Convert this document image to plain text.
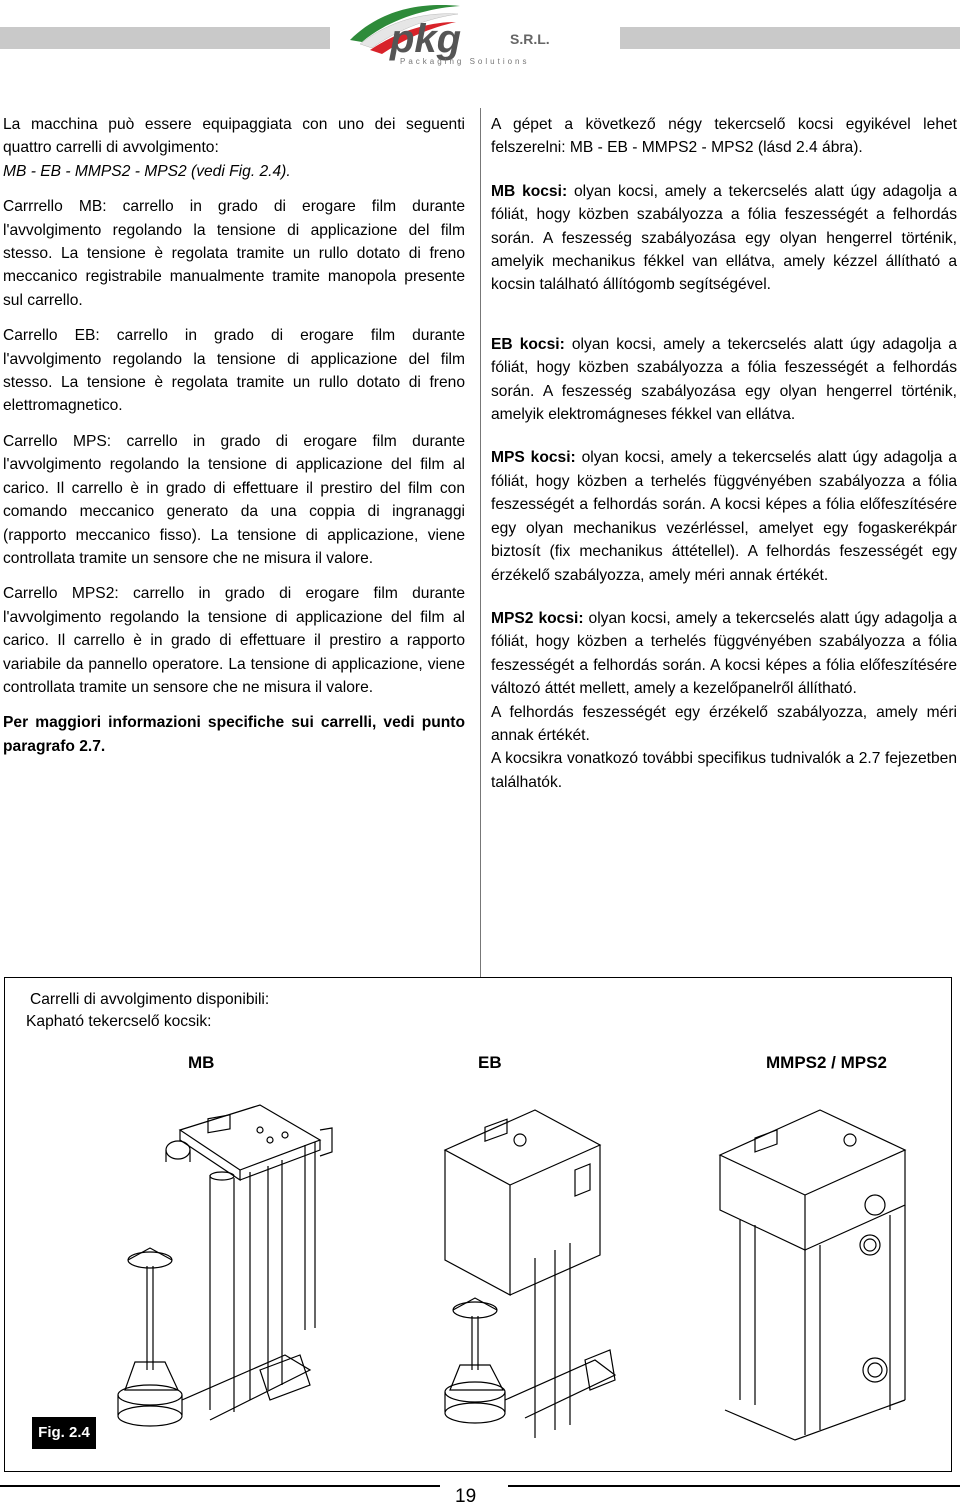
pkg	S.R.L.
Packaging Solutions

La macchina può essere equipaggiata con uno dei seguenti quattro carrelli di avvolgimento:
MB - EB - MMPS2 - MPS2 (vedi Fig. 2.4).

Carrrello MB: carrello in grado di erogare film durante l'avvolgimento regolando la tensione di applicazione del film stesso. La tensione è regolata tramite un rullo dotato di freno meccanico registrabile manualmente tramite manopola presente sul carrello.

Carrello EB: carrello in grado di erogare film durante l'avvolgimento regolando la tensione di applicazione del film stesso. La tensione è regolata tramite un rullo dotato di freno elettromagnetico.

Carrello MPS: carrello in grado di erogare film durante l'avvolgimento regolando la tensione di applicazione del film al carico. Il carrello è in grado di effettuare il prestiro del film con comando meccanico generato da una coppia di ingranaggi (rapporto meccanico fisso). La tensione di applicazione, viene controllata tramite un sensore che ne misura il valore.

Carrello MPS2: carrello in grado di erogare film durante l'avvolgimento regolando la tensione di applicazione del film al carico. Il carrello è in grado di effettuare il prestiro a rapporto variabile da pannello operatore. La tensione di applicazione, viene controllata tramite un sensore che ne misura il valore.

Per maggiori informazioni specifiche sui carrelli, vedi punto paragrafo 2.7.

A gépet a következő négy tekercselő kocsi egyikével lehet felszerelni: MB - EB - MMPS2 - MPS2 (lásd 2.4 ábra).

MB kocsi: olyan kocsi, amely a tekercselés alatt úgy adagolja a fóliát, hogy közben szabályozza a fólia feszességét a felhordás során. A feszesség szabályozása egy olyan hengerrel történik, amelyik mechanikus fékkel van ellátva, amely kézzel állítható a kocsin található állítógomb segítségével.

EB kocsi: olyan kocsi, amely a tekercselés alatt úgy adagolja a fóliát, hogy közben szabályozza a fólia feszességét a felhordás során. A feszesség szabályozása egy olyan hengerrel történik, amelyik elektromágneses fékkel van ellátva.

MPS kocsi: olyan kocsi, amely a tekercselés alatt úgy adagolja a fóliát, hogy közben a terhelés függvényében szabályozza a fólia feszességét a felhordás során. A kocsi képes a fólia előfeszítésére egy olyan mechanikus vezérléssel, amelyet egy fogaskerékpár biztosít (fix mechanikus áttétellel). A felhordás feszességét egy érzékelő szabályozza, amely méri annak értékét.

MPS2 kocsi: olyan kocsi, amely a tekercselés alatt úgy adagolja a fóliát, hogy közben a terhelés függvényében szabályozza a fólia feszességét a felhordás során. A kocsi képes a fólia előfeszítésére változó áttét mellett, amely a kezelőpanelről állítható.

A felhordás feszességét egy érzékelő szabályozza, amely méri annak értékét.

A kocsikra vonatkozó további specifikus tudnivalók a 2.7 fejezetben találhatók.

Carrelli di avvolgimento disponibili:
Kapható tekercselő kocsik:
MB	EB	MMPS2 / MPS2
Fig. 2.4
19
